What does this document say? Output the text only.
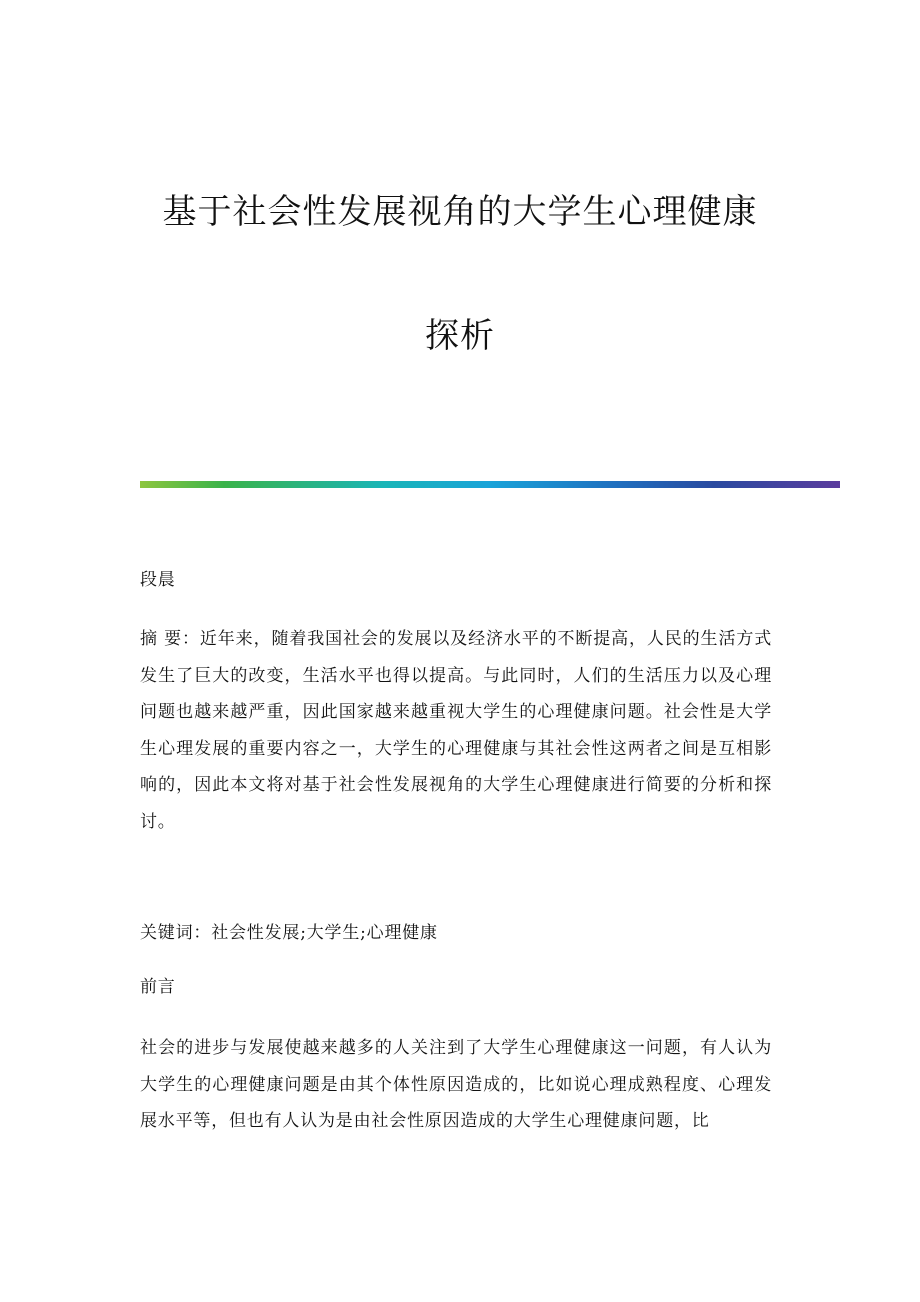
基于社会性发展视角的大学生心理健康
探析
段晨
摘 要：近年来，随着我国社会的发展以及经济水平的不断提高，人民的生活方式发生了巨大的改变，生活水平也得以提高。与此同时，人们的生活压力以及心理问题也越来越严重，因此国家越来越重视大学生的心理健康问题。社会性是大学生心理发展的重要内容之一，大学生的心理健康与其社会性这两者之间是互相影响的，因此本文将对基于社会性发展视角的大学生心理健康进行简要的分析和探讨。
关键词：社会性发展;大学生;心理健康
前言
社会的进步与发展使越来越多的人关注到了大学生心理健康这一问题，有人认为大学生的心理健康问题是由其个体性原因造成的，比如说心理成熟程度、心理发展水平等，但也有人认为是由社会性原因造成的大学生心理健康问题，比
